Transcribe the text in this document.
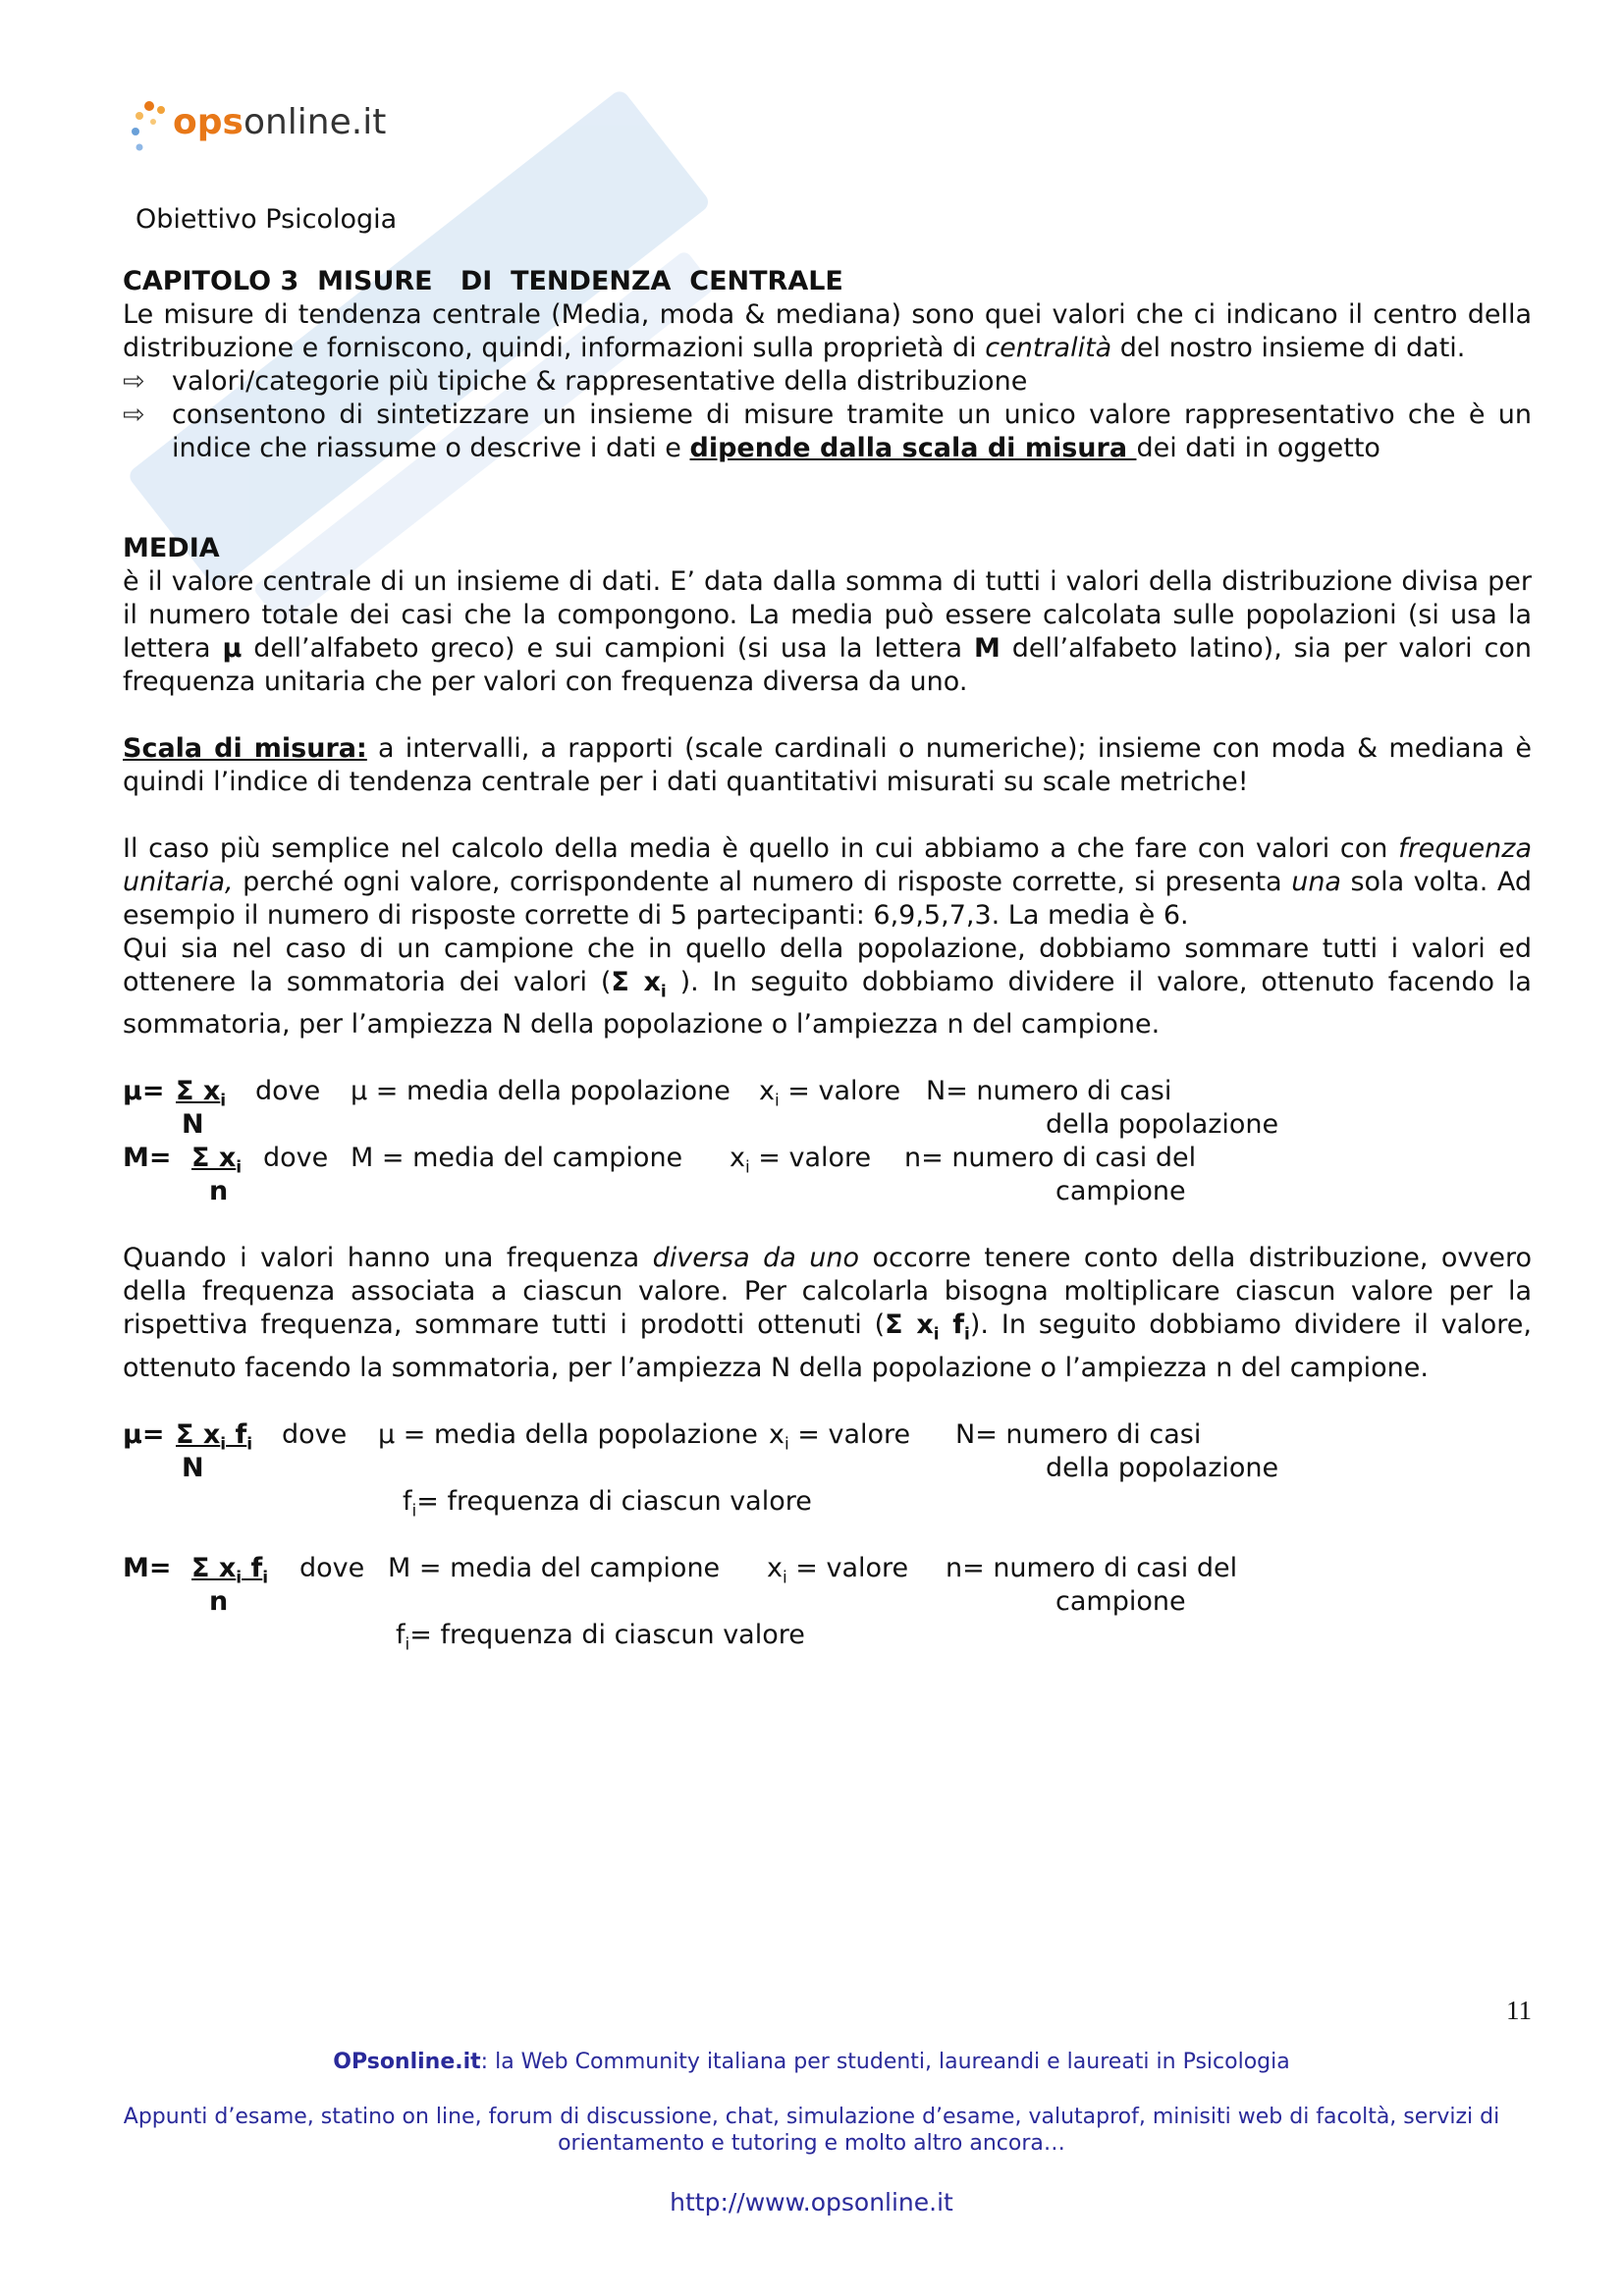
opsonline.it
Obiettivo Psicologia

CAPITOLO 3  MISURE   DI  TENDENZA  CENTRALE

Le misure di tendenza centrale (Media, moda & mediana) sono quei valori che ci indicano il centro della distribuzione e forniscono, quindi, informazioni sulla proprietà di centralità del nostro insieme di dati.

⇨ valori/categorie più tipiche & rappresentative della distribuzione
⇨ consentono di sintetizzare un insieme di misure tramite un unico valore rappresentativo che è un indice che riassume o descrive i dati e dipende dalla scala di misura dei dati in oggetto

MEDIA

è il valore centrale di un insieme di dati. E’ data dalla somma di tutti i valori della distribuzione divisa per il numero totale dei casi che la compongono. La media può essere calcolata sulle popolazioni (si usa la lettera μ dell’alfabeto greco) e sui campioni (si usa la lettera M dell’alfabeto latino), sia per valori con frequenza unitaria che per valori con frequenza diversa da uno.

Scala di misura: a intervalli, a rapporti (scale cardinali o numeriche); insieme con moda & mediana è quindi l’indice di tendenza centrale per i dati quantitativi misurati su scale metriche!

Il caso più semplice nel calcolo della media è quello in cui abbiamo a che fare con valori con frequenza unitaria, perché ogni valore, corrispondente al numero di risposte corrette, si presenta una sola volta. Ad esempio il numero di risposte corrette di 5 partecipanti: 6,9,5,7,3. La media è 6.

Qui sia nel caso di un campione che in quello della popolazione, dobbiamo sommare tutti i valori ed ottenere la sommatoria dei valori (Σ $x_i$ ). In seguito dobbiamo dividere il valore, ottenuto facendo la sommatoria, per l’ampiezza N della popolazione o l’ampiezza n del campione.

μ= Σ $x_i$ dove μ = media della popolazione $x_i$ = valore N= numero di casi
N	della popolazione
M= Σ $x_i$ dove M = media del campione $x_i$ = valore n= numero di casi del
n	campione

Quando i valori hanno una frequenza diversa da uno occorre tenere conto della distribuzione, ovvero della frequenza associata a ciascun valore. Per calcolarla bisogna moltiplicare ciascun valore per la rispettiva frequenza, sommare tutti i prodotti ottenuti (Σ $x_i$ $f_i$). In seguito dobbiamo dividere il valore, ottenuto facendo la sommatoria, per l’ampiezza N della popolazione o l’ampiezza n del campione.

μ= Σ $x_i$ $f_i$ dove μ = media della popolazione $x_i$ = valore N= numero di casi
N	della popolazione
$f_i=$ frequenza di ciascun valore
M= Σ $x_i$ $f_i$ dove M = media del campione $x_i$ = valore n= numero di casi del
n	campione
$f_i=$ frequenza di ciascun valore
11
OPsonline.it: la Web Community italiana per studenti, laureandi e laureati in Psicologia
Appunti d’esame, statino on line, forum di discussione, chat, simulazione d’esame, valutaprof, minisiti web di facoltà, servizi di
orientamento e tutoring e molto altro ancora…
http://www.opsonline.it
